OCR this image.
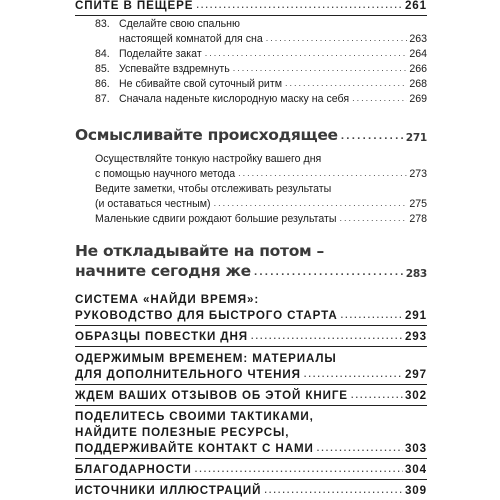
СПИТЕ В ПЕЩЕРЕ .....	261
83. Сделайте свою спальню
настоящей комнатой для сна .....	263
84. Поделайте закат .....	264
85. Успевайте вздремнуть .....	266
86. Не сбивайте свой суточный ритм .....	268
87. Сначала наденьте кислородную маску на себя .....	269
Осмысливайте происходящее .....	271
Осуществляйте тонкую настройку вашего дня
с помощью научного метода .....	273
Ведите заметки, чтобы отслеживать результаты
(и оставаться честным) .....	275
Маленькие сдвиги рождают большие результаты .....	278
Не откладывайте на потом –
начните сегодня же .....	283
СИСТЕМА «НАЙДИ ВРЕМЯ»:
РУКОВОДСТВО ДЛЯ БЫСТРОГО СТАРТА .....	291
ОБРАЗЦЫ ПОВЕСТКИ ДНЯ .....	293
ОДЕРЖИМЫМ ВРЕМЕНЕМ: МАТЕРИАЛЫ
ДЛЯ ДОПОЛНИТЕЛЬНОГО ЧТЕНИЯ .....	297
ЖДЕМ ВАШИХ ОТЗЫВОВ ОБ ЭТОЙ КНИГЕ .....	302
ПОДЕЛИТЕСЬ СВОИМИ ТАКТИКАМИ,
НАЙДИТЕ ПОЛЕЗНЫЕ РЕСУРСЫ,
ПОДДЕРЖИВАЙТЕ КОНТАКТ С НАМИ .....	303
БЛАГОДАРНОСТИ .....	304
ИСТОЧНИКИ ИЛЛЮСТРАЦИЙ .....	309
